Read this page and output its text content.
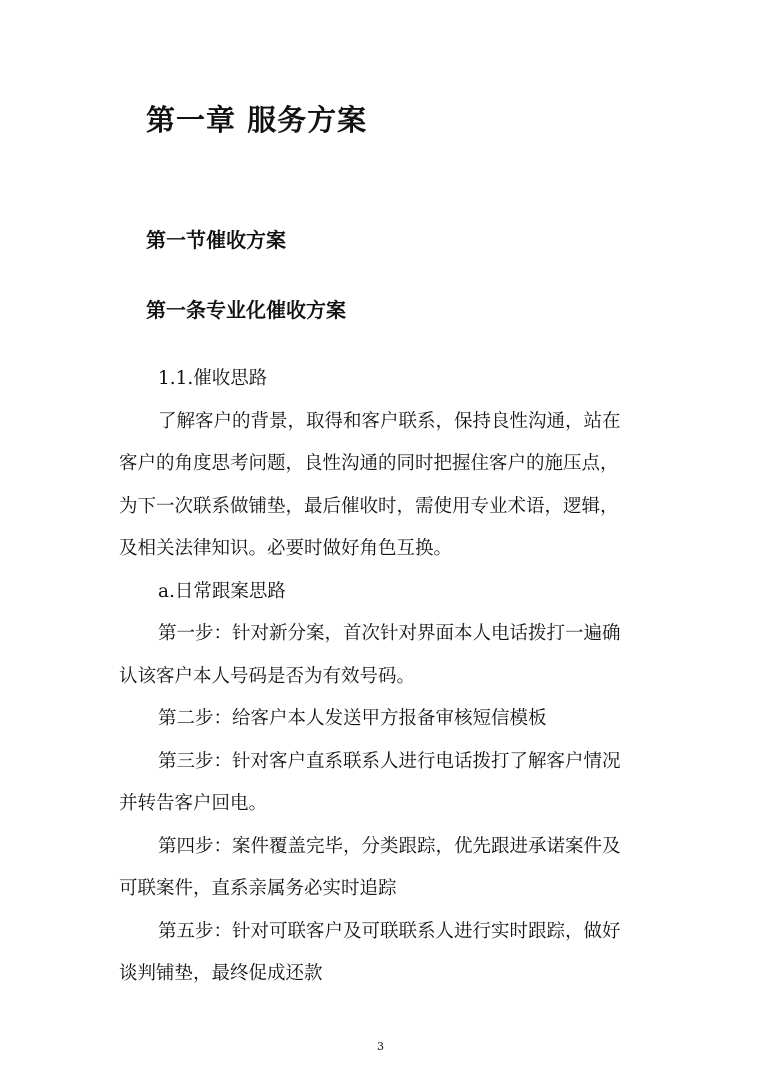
第一章 服务方案
第一节催收方案
第一条专业化催收方案
1.1.催收思路
了解客户的背景，取得和客户联系，保持良性沟通，站在
客户的角度思考问题，良性沟通的同时把握住客户的施压点，
为下一次联系做铺垫，最后催收时，需使用专业术语，逻辑，
及相关法律知识。必要时做好角色互换。
a.日常跟案思路
第一步：针对新分案，首次针对界面本人电话拨打一遍确
认该客户本人号码是否为有效号码。
第二步：给客户本人发送甲方报备审核短信模板
第三步：针对客户直系联系人进行电话拨打了解客户情况
并转告客户回电。
第四步：案件覆盖完毕，分类跟踪，优先跟进承诺案件及
可联案件，直系亲属务必实时追踪
第五步：针对可联客户及可联联系人进行实时跟踪，做好
谈判铺垫，最终促成还款
3
